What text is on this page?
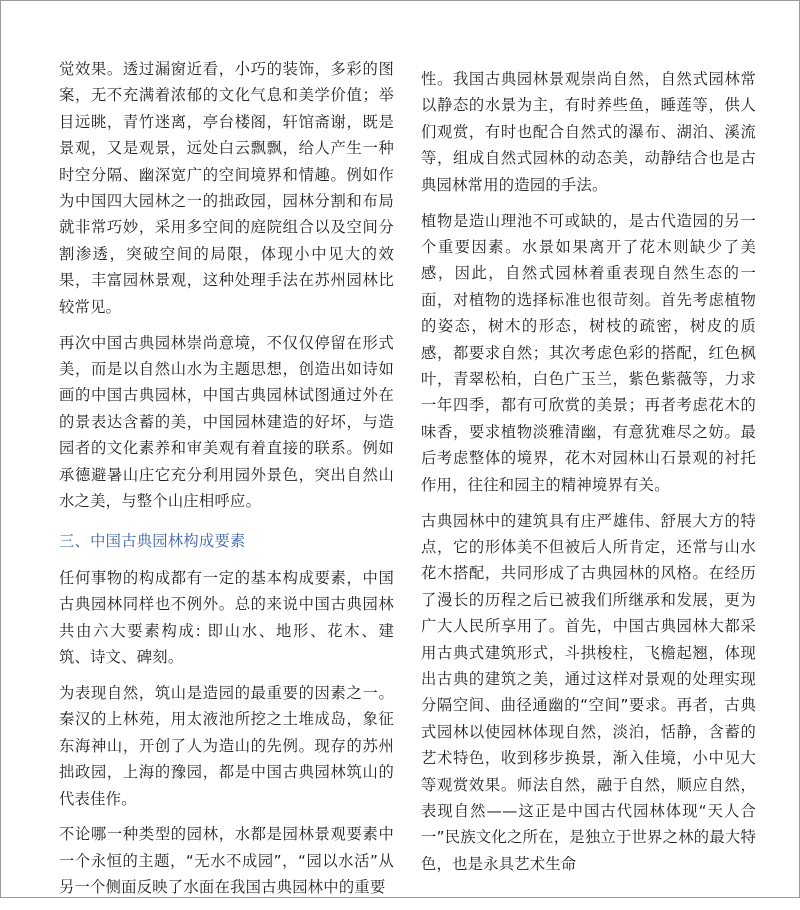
觉效果。透过漏窗近看，小巧的装饰，多彩的图案，无不充满着浓郁的文化气息和美学价值；举目远眺，青竹迷离，亭台楼阁，轩馆斋谢，既是景观，又是观景，远处白云飘飘，给人产生一种时空分隔、幽深宽广的空间境界和情趣。例如作为中国四大园林之一的拙政园，园林分割和布局就非常巧妙，采用多空间的庭院组合以及空间分割渗透，突破空间的局限，体现小中见大的效果，丰富园林景观，这种处理手法在苏州园林比较常见。

再次中国古典园林崇尚意境，不仅仅停留在形式美，而是以自然山水为主题思想，创造出如诗如画的中国古典园林，中国古典园林试图通过外在的景表达含蓄的美，中国园林建造的好坏，与造园者的文化素养和审美观有着直接的联系。例如承德避暑山庄它充分利用园外景色，突出自然山水之美，与整个山庄相呼应。

三、中国古典园林构成要素

任何事物的构成都有一定的基本构成要素，中国古典园林同样也不例外。总的来说中国古典园林共由六大要素构成: 即山水、地形、花木、建筑、诗文、碑刻。

为表现自然，筑山是造园的最重要的因素之一。秦汉的上林苑，用太液池所挖之土堆成岛，象征东海神山，开创了人为造山的先例。现存的苏州拙政园，上海的豫园，都是中国古典园林筑山的代表佳作。

不论哪一种类型的园林，水都是园林景观要素中一个永恒的主题，“无水不成园”，“园以水活”从另一个侧面反映了水面在我国古典园林中的重要

性。我国古典园林景观崇尚自然，自然式园林常以静态的水景为主，有时养些鱼，睡莲等，供人们观赏，有时也配合自然式的瀑布、湖泊、溪流等，组成自然式园林的动态美，动静结合也是古典园林常用的造园的手法。

植物是造山理池不可或缺的，是古代造园的另一个重要因素。水景如果离开了花木则缺少了美感，因此，自然式园林着重表现自然生态的一面，对植物的选择标准也很苛刻。首先考虑植物的姿态，树木的形态，树枝的疏密，树皮的质感，都要求自然；其次考虑色彩的搭配，红色枫叶，青翠松柏，白色广玉兰，紫色紫薇等，力求一年四季，都有可欣赏的美景；再者考虑花木的味香，要求植物淡雅清幽，有意犹难尽之妨。最后考虑整体的境界，花木对园林山石景观的衬托作用，往往和园主的精神境界有关。

古典园林中的建筑具有庄严雄伟、舒展大方的特点，它的形体美不但被后人所肯定，还常与山水花木搭配，共同形成了古典园林的风格。在经历了漫长的历程之后已被我们所继承和发展，更为广大人民所享用了。首先，中国古典园林大都采用古典式建筑形式，斗拱梭柱，飞檐起翘，体现出古典的建筑之美，通过这样对景观的处理实现分隔空间、曲径通幽的“空间”要求。再者，古典式园林以使园林体现自然，淡泊，恬静，含蓄的艺术特色，收到移步换景，渐入佳境，小中见大等观赏效果。师法自然，融于自然，顺应自然，表现自然——这正是中国古代园林体现“天人合一”民族文化之所在，是独立于世界之林的最大特色，也是永具艺术生命
